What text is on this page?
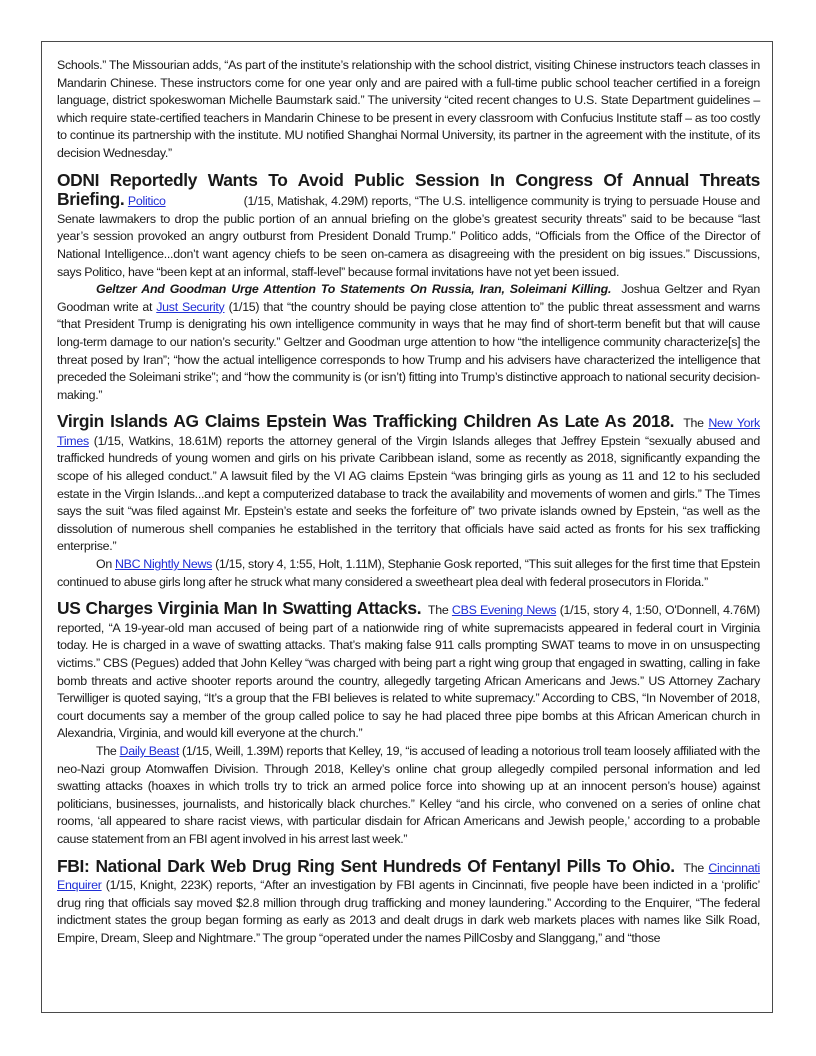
Schools.” The Missourian adds, “As part of the institute’s relationship with the school district, visiting Chinese instructors teach classes in Mandarin Chinese. These instructors come for one year only and are paired with a full-time public school teacher certified in a foreign language, district spokeswoman Michelle Baumstark said.” The university “cited recent changes to U.S. State Department guidelines – which require state-certified teachers in Mandarin Chinese to be present in every classroom with Confucius Institute staff – as too costly to continue its partnership with the institute. MU notified Shanghai Normal University, its partner in the agreement with the institute, of its decision Wednesday.”

ODNI Reportedly Wants To Avoid Public Session In Congress Of Annual Threats Briefing. Politico	(1/15, Matishak, 4.29M) reports, “The U.S. intelligence community is trying to persuade House and Senate lawmakers to drop the public portion of an annual briefing on the globe’s greatest security threats” said to be because “last year’s session provoked an angry outburst from President Donald Trump.” Politico adds, “Officials from the Office of the Director of National Intelligence...don’t want agency chiefs to be seen on-camera as disagreeing with the president on big issues.” Discussions, says Politico, have “been kept at an informal, staff-level” because formal invitations have not yet been issued.

Geltzer And Goodman Urge Attention To Statements On Russia, Iran, Soleimani Killing. Joshua Geltzer and Ryan Goodman write at Just Security (1/15) that “the country should be paying close attention to” the public threat assessment and warns “that President Trump is denigrating his own intelligence community in ways that he may find of short-term benefit but that will cause long-term damage to our nation’s security.” Geltzer and Goodman urge attention to how “the intelligence community characterize[s] the threat posed by Iran”; “how the actual intelligence corresponds to how Trump and his advisers have characterized the intelligence that preceded the Soleimani strike”; and “how the community is (or isn’t) fitting into Trump’s distinctive approach to national security decision-making.”

Virgin Islands AG Claims Epstein Was Trafficking Children As Late As 2018. The New York Times (1/15, Watkins, 18.61M) reports the attorney general of the Virgin Islands alleges that Jeffrey Epstein “sexually abused and trafficked hundreds of young women and girls on his private Caribbean island, some as recently as 2018, significantly expanding the scope of his alleged conduct.” A lawsuit filed by the VI AG claims Epstein “was bringing girls as young as 11 and 12 to his secluded estate in the Virgin Islands...and kept a computerized database to track the availability and movements of women and girls.” The Times says the suit “was filed against Mr. Epstein’s estate and seeks the forfeiture of” two private islands owned by Epstein, “as well as the dissolution of numerous shell companies he established in the territory that officials have said acted as fronts for his sex trafficking enterprise.”

On NBC Nightly News (1/15, story 4, 1:55, Holt, 1.11M), Stephanie Gosk reported, “This suit alleges for the first time that Epstein continued to abuse girls long after he struck what many considered a sweetheart plea deal with federal prosecutors in Florida.”

US Charges Virginia Man In Swatting Attacks. The CBS Evening News (1/15, story 4, 1:50, O'Donnell, 4.76M) reported, “A 19-year-old man accused of being part of a nationwide ring of white supremacists appeared in federal court in Virginia today. He is charged in a wave of swatting attacks. That’s making false 911 calls prompting SWAT teams to move in on unsuspecting victims.” CBS (Pegues) added that John Kelley “was charged with being part a right wing group that engaged in swatting, calling in fake bomb threats and active shooter reports around the country, allegedly targeting African Americans and Jews.” US Attorney Zachary Terwilliger is quoted saying, “It’s a group that the FBI believes is related to white supremacy.” According to CBS, “In November of 2018, court documents say a member of the group called police to say he had placed three pipe bombs at this African American church in Alexandria, Virginia, and would kill everyone at the church.”

The Daily Beast (1/15, Weill, 1.39M) reports that Kelley, 19, “is accused of leading a notorious troll team loosely affiliated with the neo-Nazi group Atomwaffen Division. Through 2018, Kelley’s online chat group allegedly compiled personal information and led swatting attacks (hoaxes in which trolls try to trick an armed police force into showing up at an innocent person’s house) against politicians, businesses, journalists, and historically black churches.” Kelley “and his circle, who convened on a series of online chat rooms, ‘all appeared to share racist views, with particular disdain for African Americans and Jewish people,’ according to a probable cause statement from an FBI agent involved in his arrest last week.”

FBI: National Dark Web Drug Ring Sent Hundreds Of Fentanyl Pills To Ohio. The Cincinnati Enquirer (1/15, Knight, 223K) reports, “After an investigation by FBI agents in Cincinnati, five people have been indicted in a ‘prolific’ drug ring that officials say moved $2.8 million through drug trafficking and money laundering.” According to the Enquirer, “The federal indictment states the group began forming as early as 2013 and dealt drugs in dark web markets places with names like Silk Road, Empire, Dream, Sleep and Nightmare.” The group “operated under the names PillCosby and Slanggang,” and “those
